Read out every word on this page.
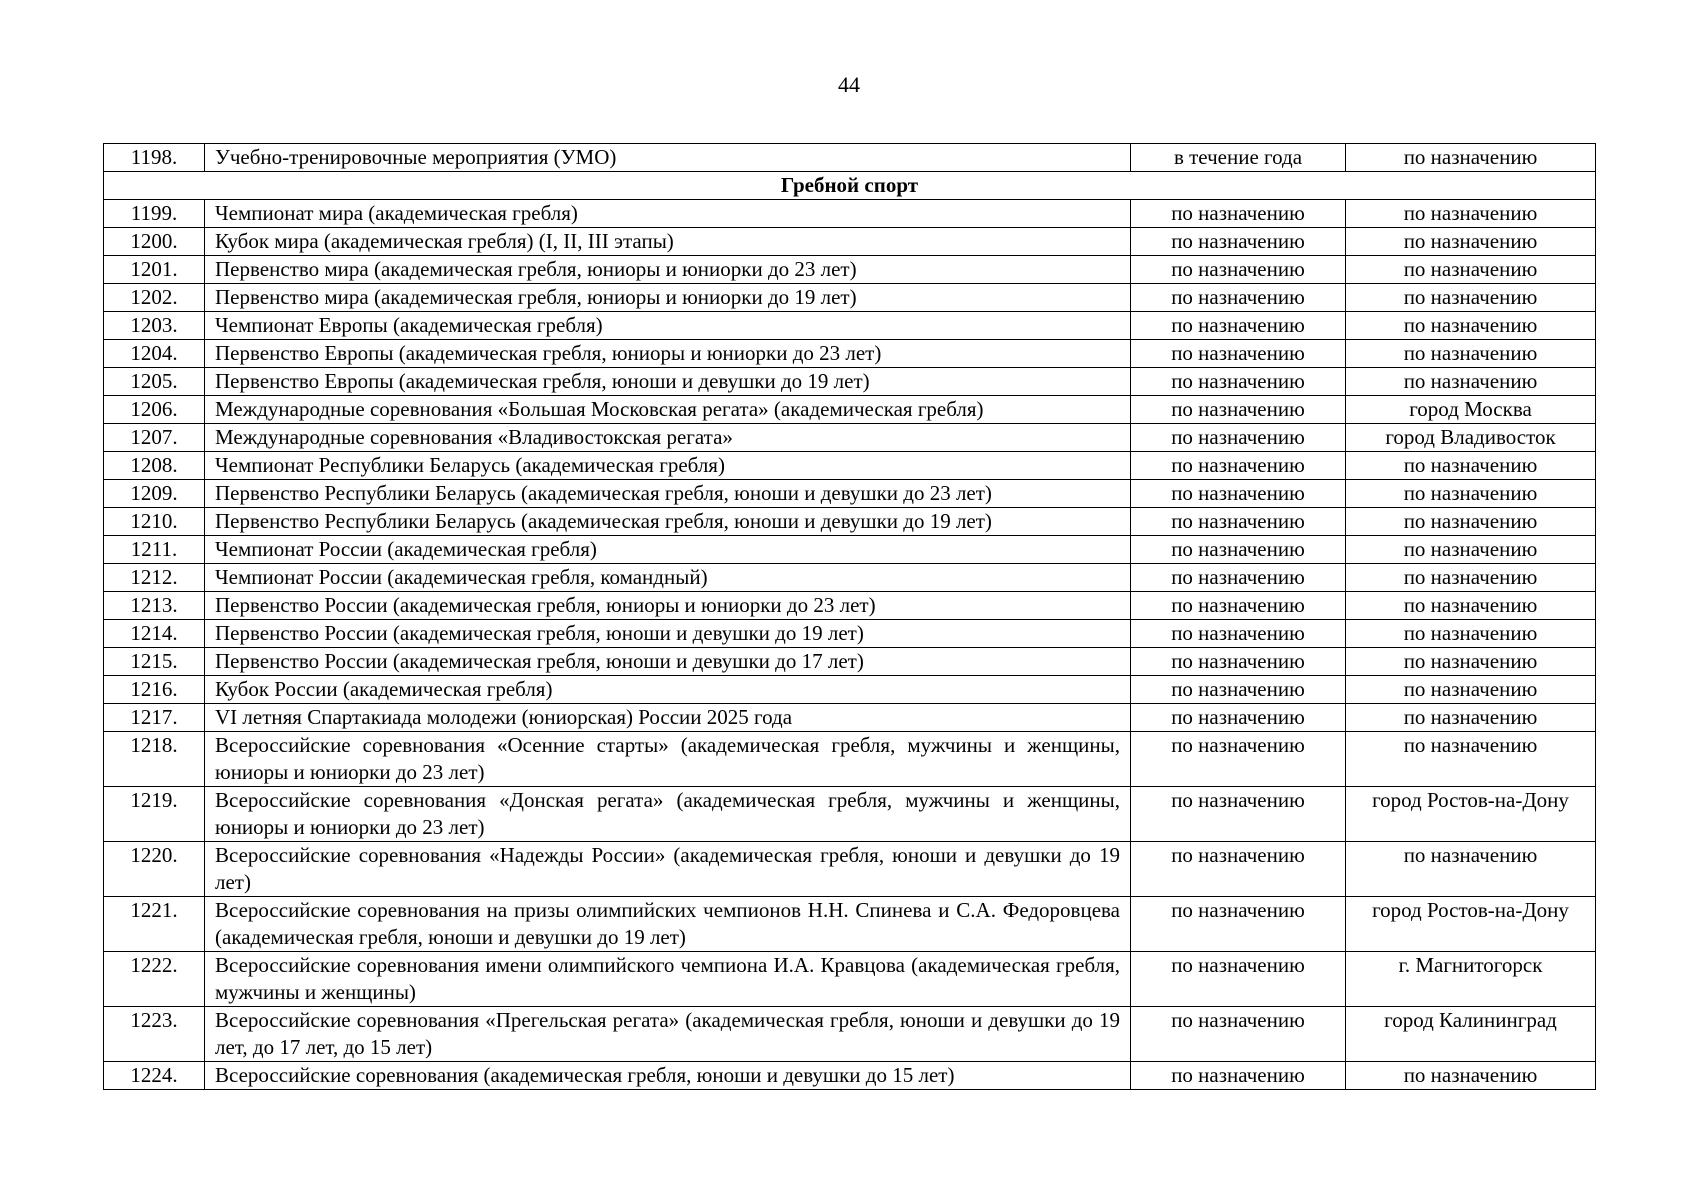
44
1198.	Учебно-тренировочные мероприятия (УМО)	в течение года	по назначению
Гребной спорт			
1199.	Чемпионат мира (академическая гребля)	по назначению	по назначению
1200.	Кубок мира (академическая гребля) (I, II, III этапы)	по назначению	по назначению
1201.	Первенство мира (академическая гребля, юниоры и юниорки до 23 лет)	по назначению	по назначению
1202.	Первенство мира (академическая гребля, юниоры и юниорки до 19 лет)	по назначению	по назначению
1203.	Чемпионат Европы (академическая гребля)	по назначению	по назначению
1204.	Первенство Европы (академическая гребля, юниоры и юниорки до 23 лет)	по назначению	по назначению
1205.	Первенство Европы (академическая гребля, юноши и девушки до 19 лет)	по назначению	по назначению
1206.	Международные соревнования «Большая Московская регата» (академическая гребля)	по назначению	город Москва
1207.	Международные соревнования «Владивостокская регата»	по назначению	город Владивосток
1208.	Чемпионат Республики Беларусь (академическая гребля)	по назначению	по назначению
1209.	Первенство Республики Беларусь (академическая гребля, юноши и девушки до 23 лет)	по назначению	по назначению
1210.	Первенство Республики Беларусь (академическая гребля, юноши и девушки до 19 лет)	по назначению	по назначению
1211.	Чемпионат России (академическая гребля)	по назначению	по назначению
1212.	Чемпионат России (академическая гребля, командный)	по назначению	по назначению
1213.	Первенство России (академическая гребля, юниоры и юниорки до 23 лет)	по назначению	по назначению
1214.	Первенство России (академическая гребля, юноши и девушки до 19 лет)	по назначению	по назначению
1215.	Первенство России (академическая гребля, юноши и девушки до 17 лет)	по назначению	по назначению
1216.	Кубок России (академическая гребля)	по назначению	по назначению
1217.	VI летняя Спартакиада молодежи (юниорская) России 2025 года	по назначению	по назначению
1218.	Всероссийские соревнования «Осенние старты» (академическая гребля, мужчины и женщины, юниоры и юниорки до 23 лет)	по назначению	по назначению
1219.	Всероссийские соревнования «Донская регата» (академическая гребля, мужчины и женщины, юниоры и юниорки до 23 лет)	по назначению	город Ростов-на-Дону
1220.	Всероссийские соревнования «Надежды России» (академическая гребля, юноши и девушки до 19 лет)	по назначению	по назначению
1221.	Всероссийские соревнования на призы олимпийских чемпионов Н.Н. Спинева и С.А. Федоровцева (академическая гребля, юноши и девушки до 19 лет)	по назначению	город Ростов-на-Дону
1222.	Всероссийские соревнования имени олимпийского чемпиона И.А. Кравцова (академическая гребля, мужчины и женщины)	по назначению	г. Магнитогорск
1223.	Всероссийские соревнования «Прегельская регата» (академическая гребля, юноши и девушки до 19 лет, до 17 лет, до 15 лет)	по назначению	город Калининград
1224.	Всероссийские соревнования (академическая гребля, юноши и девушки до 15 лет)	по назначению	по назначению
